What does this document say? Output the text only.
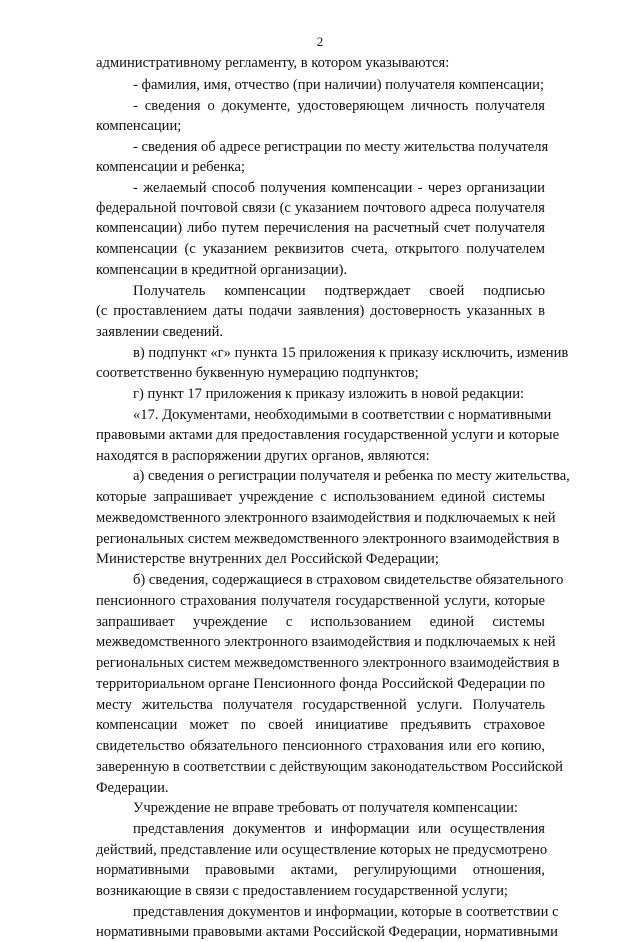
2
административному регламенту, в котором указываются:
- фамилия, имя, отчество (при наличии) получателя компенсации;
- сведения о документе, удостоверяющем личность получателя
компенсации;
- сведения об адресе регистрации по месту жительства получателя
компенсации и ребенка;
- желаемый способ получения компенсации - через организации
федеральной почтовой связи (с указанием почтового адреса получателя
компенсации) либо путем перечисления на расчетный счет получателя
компенсации (с указанием реквизитов счета, открытого получателем
компенсации в кредитной организации).
Получатель компенсации подтверждает своей подписью
(с проставлением даты подачи заявления) достоверность указанных в
заявлении сведений.
в) подпункт «г» пункта 15 приложения к приказу исключить, изменив
соответственно буквенную нумерацию подпунктов;
г) пункт 17 приложения к приказу изложить в новой редакции:
«17. Документами, необходимыми в соответствии с нормативными
правовыми актами для предоставления государственной услуги и которые
находятся в распоряжении других органов, являются:
а) сведения о регистрации получателя и ребенка по месту жительства,
которые запрашивает учреждение с использованием единой системы
межведомственного электронного взаимодействия и подключаемых к ней
региональных систем межведомственного электронного взаимодействия в
Министерстве внутренних дел Российской Федерации;
б) сведения, содержащиеся в страховом свидетельстве обязательного
пенсионного страхования получателя государственной услуги, которые
запрашивает учреждение с использованием единой системы
межведомственного электронного взаимодействия и подключаемых к ней
региональных систем межведомственного электронного взаимодействия в
территориальном органе Пенсионного фонда Российской Федерации по
месту жительства получателя государственной услуги. Получатель
компенсации может по своей инициативе предъявить страховое
свидетельство обязательного пенсионного страхования или его копию,
заверенную в соответствии с действующим законодательством Российской
Федерации.
Учреждение не вправе требовать от получателя компенсации:
представления документов и информации или осуществления
действий, представление или осуществление которых не предусмотрено
нормативными правовыми актами, регулирующими отношения,
возникающие в связи с предоставлением государственной услуги;
представления документов и информации, которые в соответствии с
нормативными правовыми актами Российской Федерации, нормативными
